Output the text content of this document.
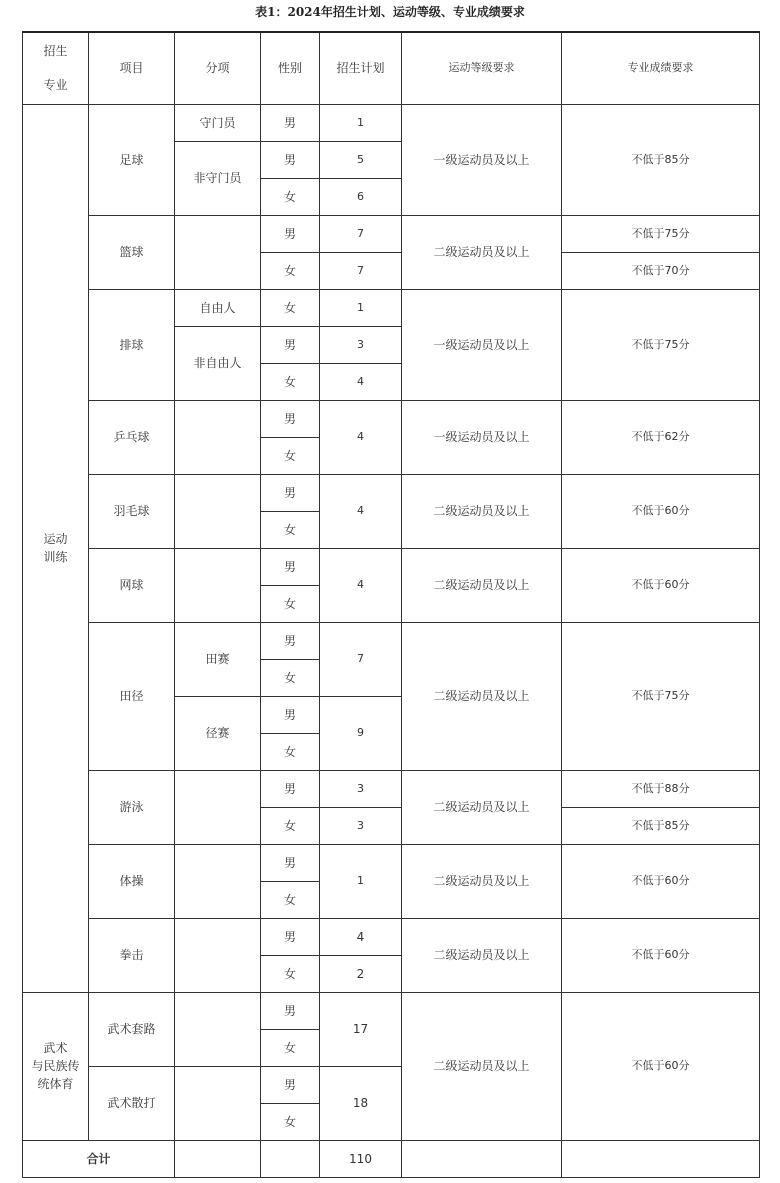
表1：2024年招生计划、运动等级、专业成绩要求
招生
专业	项目	分项	性别	招生计划	运动等级要求	专业成绩要求

运动
训练	足球	守门员	男	1	一级运动员及以上	不低于85分
		非守门员	男	5		
			女	6		
	篮球		男	7	二级运动员及以上	不低于75分
			女	7		不低于70分
	排球	自由人	女	1	一级运动员及以上	不低于75分
		非自由人	男	3		
			女	4		
	乒乓球		男	4	一级运动员及以上	不低于62分
			女			
	羽毛球		男	4	二级运动员及以上	不低于60分
			女			
	网球		男	4	二级运动员及以上	不低于60分
			女			
	田径	田赛	男	7	二级运动员及以上	不低于75分
			女			
		径赛	男	9		
			女			
	游泳		男	3	二级运动员及以上	不低于88分
			女	3		不低于85分
	体操		男	1	二级运动员及以上	不低于60分
			女			
	拳击		男	4	二级运动员及以上	不低于60分
			女	2		

武术
与民族传
统体育	武术套路		男	17	二级运动员及以上	不低于60分
			女			
	武术散打		男	18		
			女			
合计				110		
